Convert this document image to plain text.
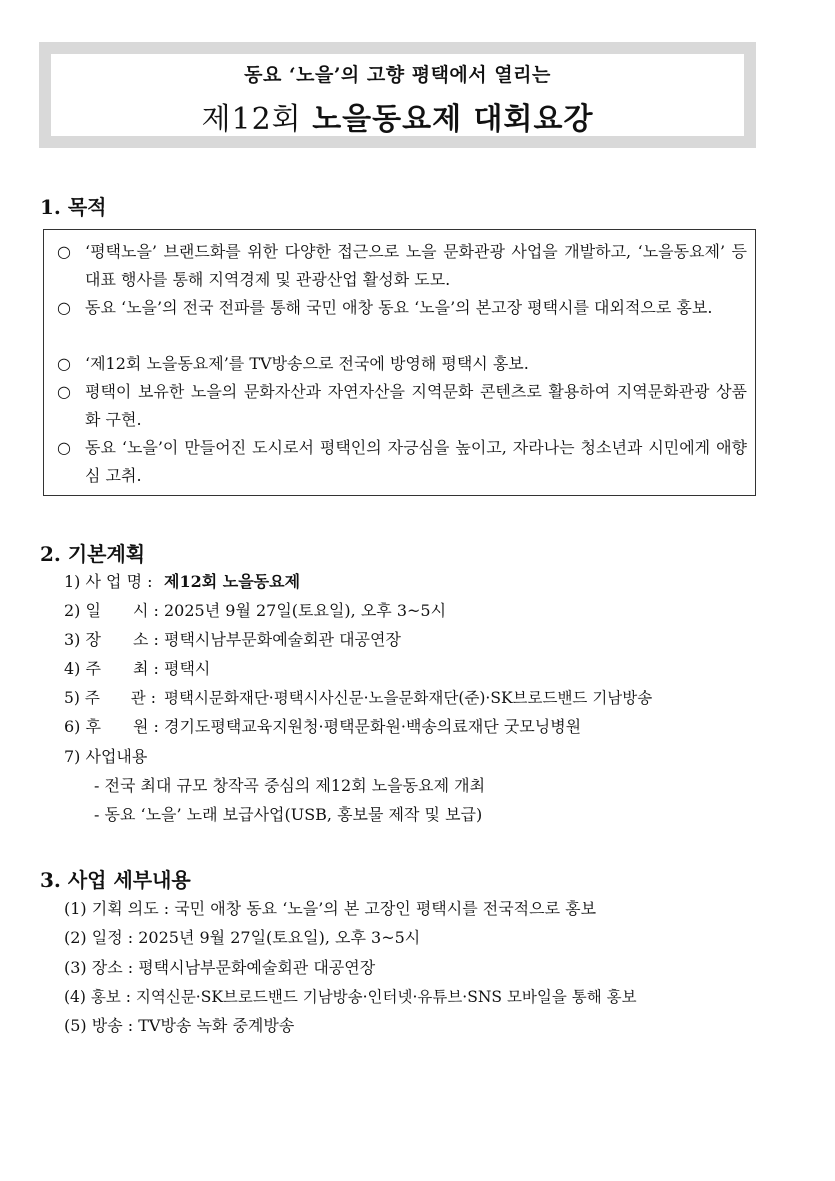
동요 ‘노을’의 고향 평택에서 열리는
제12회 노을동요제 대회요강
1. 목적
○ ‘평택노을’ 브랜드화를 위한 다양한 접근으로 노을 문화관광 사업을 개발하고, ‘노을동요제’ 등 대표 행사를 통해 지역경제 및 관광산업 활성화 도모.
○ 동요 ‘노을’의 전국 전파를 통해 국민 애창 동요 ‘노을’의 본고장 평택시를 대외적으로 홍보.
○ ‘제12회 노을동요제’를 TV방송으로 전국에 방영해 평택시 홍보.
○ 평택이 보유한 노을의 문화자산과 자연자산을 지역문화 콘텐츠로 활용하여 지역문화관광 상품화 구현.
○ 동요 ‘노을’이 만들어진 도시로서 평택인의 자긍심을 높이고, 자라나는 청소년과 시민에게 애향심 고취.
2. 기본계획
1) 사 업 명 : 제12회 노을동요제
2) 일　　시 : 2025년 9월 27일(토요일), 오후 3~5시
3) 장　　소 : 평택시남부문화예술회관 대공연장
4) 주　　최 : 평택시
5) 주　　관 : 평택시문화재단·평택시사신문·노을문화재단(준)·SK브로드밴드 기남방송
6) 후　　원 : 경기도평택교육지원청·평택문화원·백송의료재단 굿모닝병원
7) 사업내용
- 전국 최대 규모 창작곡 중심의 제12회 노을동요제 개최
- 동요 ‘노을’ 노래 보급사업(USB, 홍보물 제작 및 보급)
3. 사업 세부내용
(1) 기획 의도 : 국민 애창 동요 ‘노을’의 본 고장인 평택시를 전국적으로 홍보
(2) 일정 : 2025년 9월 27일(토요일), 오후 3~5시
(3) 장소 : 평택시남부문화예술회관 대공연장
(4) 홍보 : 지역신문·SK브로드밴드 기남방송·인터넷·유튜브·SNS 모바일을 통해 홍보
(5) 방송 : TV방송 녹화 중계방송
